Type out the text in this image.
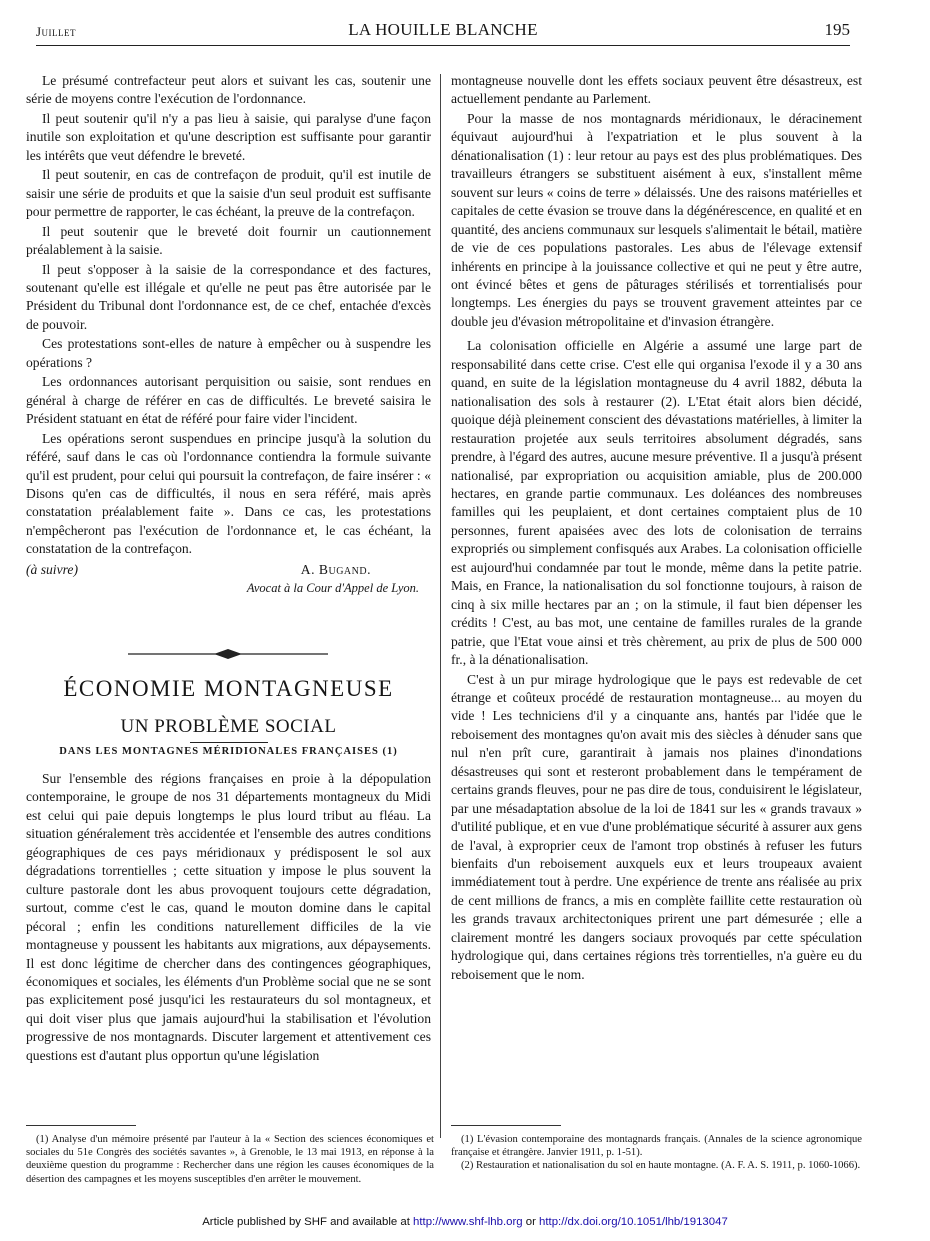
Juillet	LA HOUILLE BLANCHE	195

Le présumé contrefacteur peut alors et suivant les cas, soutenir une série de moyens contre l'exécution de l'ordonnance.

Il peut soutenir qu'il n'y a pas lieu à saisie, qui paralyse d'une façon inutile son exploitation et qu'une description est suffisante pour garantir les intérêts que veut défendre le breveté.

Il peut soutenir, en cas de contrefaçon de produit, qu'il est inutile de saisir une série de produits et que la saisie d'un seul produit est suffisante pour permettre de rapporter, le cas échéant, la preuve de la contrefaçon.

Il peut soutenir que le breveté doit fournir un cautionnement préalablement à la saisie.

Il peut s'opposer à la saisie de la correspondance et des factures, soutenant qu'elle est illégale et qu'elle ne peut pas être autorisée par le Président du Tribunal dont l'ordonnance est, de ce chef, entachée d'excès de pouvoir.

Ces protestations sont-elles de nature à empêcher ou à suspendre les opérations ?

Les ordonnances autorisant perquisition ou saisie, sont rendues en général à charge de référer en cas de difficultés. Le breveté saisira le Président statuant en état de référé pour faire vider l'incident.

Les opérations seront suspendues en principe jusqu'à la solution du référé, sauf dans le cas où l'ordonnance contiendra la formule suivante qu'il est prudent, pour celui qui poursuit la contrefaçon, de faire insérer : « Disons qu'en cas de difficultés, il nous en sera référé, mais après constatation préalablement faite ». Dans ce cas, les protestations n'empêcheront pas l'exécution de l'ordonnance et, le cas échéant, la constatation de la contrefaçon.

(à suivre)	A. Bugand.
Avocat à la Cour d'Appel de Lyon.
ÉCONOMIE MONTAGNEUSE
UN PROBLÈME SOCIAL
DANS LES MONTAGNES MÉRIDIONALES FRANÇAISES (1)

Sur l'ensemble des régions françaises en proie à la dépopulation contemporaine, le groupe de nos 31 départements montagneux du Midi est celui qui paie depuis longtemps le plus lourd tribut au fléau. La situation généralement très accidentée et l'ensemble des autres conditions géographiques de ces pays méridionaux y prédisposent le sol aux dégradations torrentielles ; cette situation y impose le plus souvent la culture pastorale dont les abus provoquent toujours cette dégradation, surtout, comme c'est le cas, quand le mouton domine dans le capital pécoral ; enfin les conditions naturellement difficiles de la vie montagneuse y poussent les habitants aux migrations, aux dépaysements. Il est donc légitime de chercher dans des contingences géographiques, économiques et sociales, les éléments d'un Problème social que ne se sont pas explicitement posé jusqu'ici les restaurateurs du sol montagneux, et qui doit viser plus que jamais aujourd'hui la stabilisation et l'évolution progressive de nos montagnards. Discuter largement et attentivement ces questions est d'autant plus opportun qu'une législation

montagneuse nouvelle dont les effets sociaux peuvent être désastreux, est actuellement pendante au Parlement.

Pour la masse de nos montagnards méridionaux, le déracinement équivaut aujourd'hui à l'expatriation et le plus souvent à la dénationalisation (1) : leur retour au pays est des plus problématiques. Des travailleurs étrangers se substituent aisément à eux, s'installent même souvent sur leurs « coins de terre » délaissés. Une des raisons matérielles et capitales de cette évasion se trouve dans la dégénérescence, en qualité et en quantité, des anciens communaux sur lesquels s'alimentait le bétail, matière de vie de ces populations pastorales. Les abus de l'élevage extensif inhérents en principe à la jouissance collective et qui ne peut y être autre, ont évincé bêtes et gens de pâturages stérilisés et torrentialisés pour longtemps. Les énergies du pays se trouvent gravement atteintes par ce double jeu d'évasion métropolitaine et d'invasion étrangère.

La colonisation officielle en Algérie a assumé une large part de responsabilité dans cette crise. C'est elle qui organisa l'exode il y a 30 ans quand, en suite de la législation montagneuse du 4 avril 1882, débuta la nationalisation des sols à restaurer (2). L'Etat était alors bien décidé, quoique déjà pleinement conscient des dévastations matérielles, à limiter la restauration projetée aux seuls territoires absolument dégradés, sans prendre, à l'égard des autres, aucune mesure préventive. Il a jusqu'à présent nationalisé, par expropriation ou acquisition amiable, plus de 200.000 hectares, en grande partie communaux. Les doléances des nombreuses familles qui les peuplaient, et dont certaines comptaient plus de 10 personnes, furent apaisées avec des lots de colonisation de terrains expropriés ou simplement confisqués aux Arabes. La colonisation officielle est aujourd'hui condamnée par tout le monde, même dans la petite patrie. Mais, en France, la nationalisation du sol fonctionne toujours, à raison de cinq à six mille hectares par an ; on la stimule, il faut bien dépenser les crédits ! C'est, au bas mot, une centaine de familles rurales de la grande patrie, que l'Etat voue ainsi et très chèrement, au prix de plus de 500 000 fr., à la dénationalisation.

C'est à un pur mirage hydrologique que le pays est redevable de cet étrange et coûteux procédé de restauration montagneuse... au moyen du vide ! Les techniciens d'il y a cinquante ans, hantés par l'idée que le reboisement des montagnes qu'on avait mis des siècles à dénuder sans que nul n'en prît cure, garantirait à jamais nos plaines d'inondations désastreuses qui sont et resteront probablement dans le tempérament de certains grands fleuves, pour ne pas dire de tous, conduisirent le législateur, par une mésadaptation absolue de la loi de 1841 sur les « grands travaux » d'utilité publique, et en vue d'une problématique sécurité à assurer aux gens de l'aval, à exproprier ceux de l'amont trop obstinés à refuser les futurs bienfaits d'un reboisement auxquels eux et leurs troupeaux avaient immédiatement tout à perdre. Une expérience de trente ans réalisée au prix de cent millions de francs, a mis en complète faillite cette restauration où les grands travaux architectoniques prirent une part démesurée ; elle a clairement montré les dangers sociaux provoqués par cette spéculation hydrologique qui, dans certaines régions très torrentielles, n'a guère eu du reboisement que le nom.

(1) Analyse d'un mémoire présenté par l'auteur à la « Section des sciences économiques et sociales du 51e Congrès des sociétés savantes », à Grenoble, le 13 mai 1913, en réponse à la deuxième question du programme : Rechercher dans une région les causes économiques de la désertion des campagnes et les moyens susceptibles d'en arrêter le mouvement.

(1) L'évasion contemporaine des montagnards français. (Annales de la science agronomique française et étrangère. Janvier 1911, p. 1-51).

(2) Restauration et nationalisation du sol en haute montagne. (A. F. A. S. 1911, p. 1060-1066).

Article published by SHF and available at http://www.shf-lhb.org or http://dx.doi.org/10.1051/lhb/1913047
